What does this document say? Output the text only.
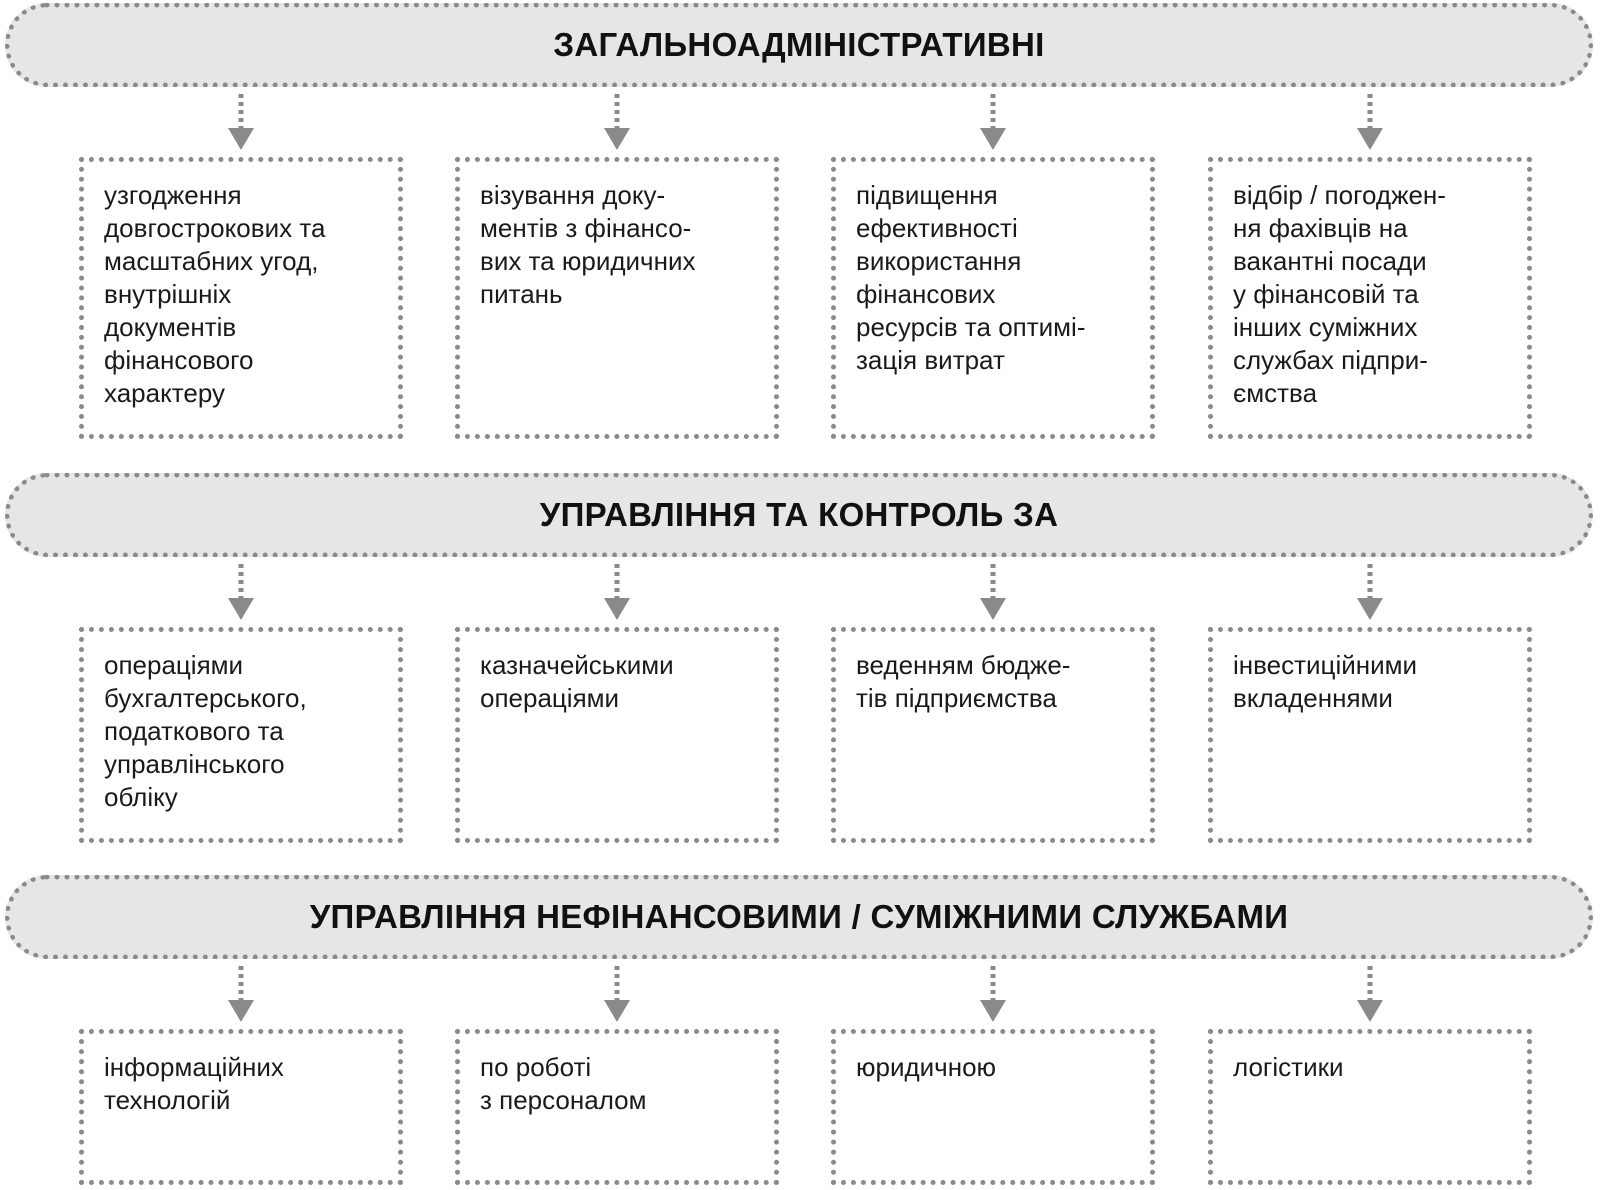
ЗАГАЛЬНОАДМІНІСТРАТИВНІ
узгодження
довгострокових та
масштабних угод,
внутрішніх
документів
фінансового
характеру
візування доку-
ментів з фінансо-
вих та юридичних
питань
підвищення
ефективності
використання
фінансових
ресурсів та оптимі-
зація витрат
відбір / погоджен-
ня фахівців на
вакантні посади
у фінансовій та
інших суміжних
службах підпри-
ємства
УПРАВЛІННЯ ТА КОНТРОЛЬ ЗА
операціями
бухгалтерського,
податкового та
управлінського
обліку
казначейськими
операціями
веденням бюдже-
тів підприємства
інвестиційними
вкладеннями
УПРАВЛІННЯ НЕФІНАНСОВИМИ / СУМІЖНИМИ СЛУЖБАМИ
інформаційних
технологій
по роботі
з персоналом
юридичною	логістики
